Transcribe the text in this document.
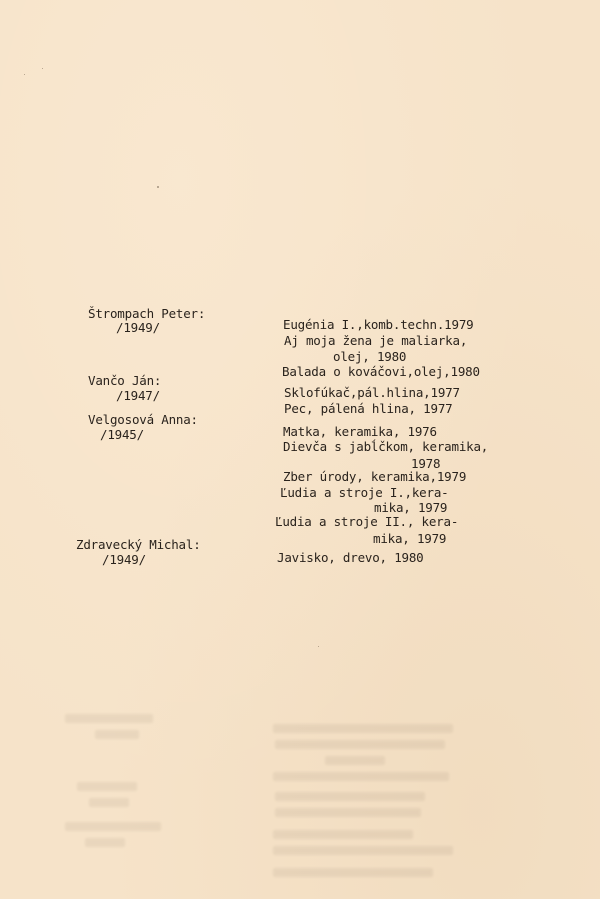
Štrompach Peter:
/1949/
Vančo Ján:
/1947/
Velgosová Anna:
/1945/
Zdravecký Michal:
/1949/
Eugénia I.,komb.techn.1979
Aj moja žena je maliarka,
olej, 1980
Balada o kováčovi,olej,1980
Sklofúkač,pál.hlina,1977
Pec, pálená hlina, 1977
Matka, keramika, 1976
Dievča s jabĺčkom, keramika,
1978
Zber úrody, keramika,1979
Ľudia a stroje I.,kera-
mika, 1979
Ľudia a stroje II., kera-
mika, 1979
Javisko, drevo, 1980
